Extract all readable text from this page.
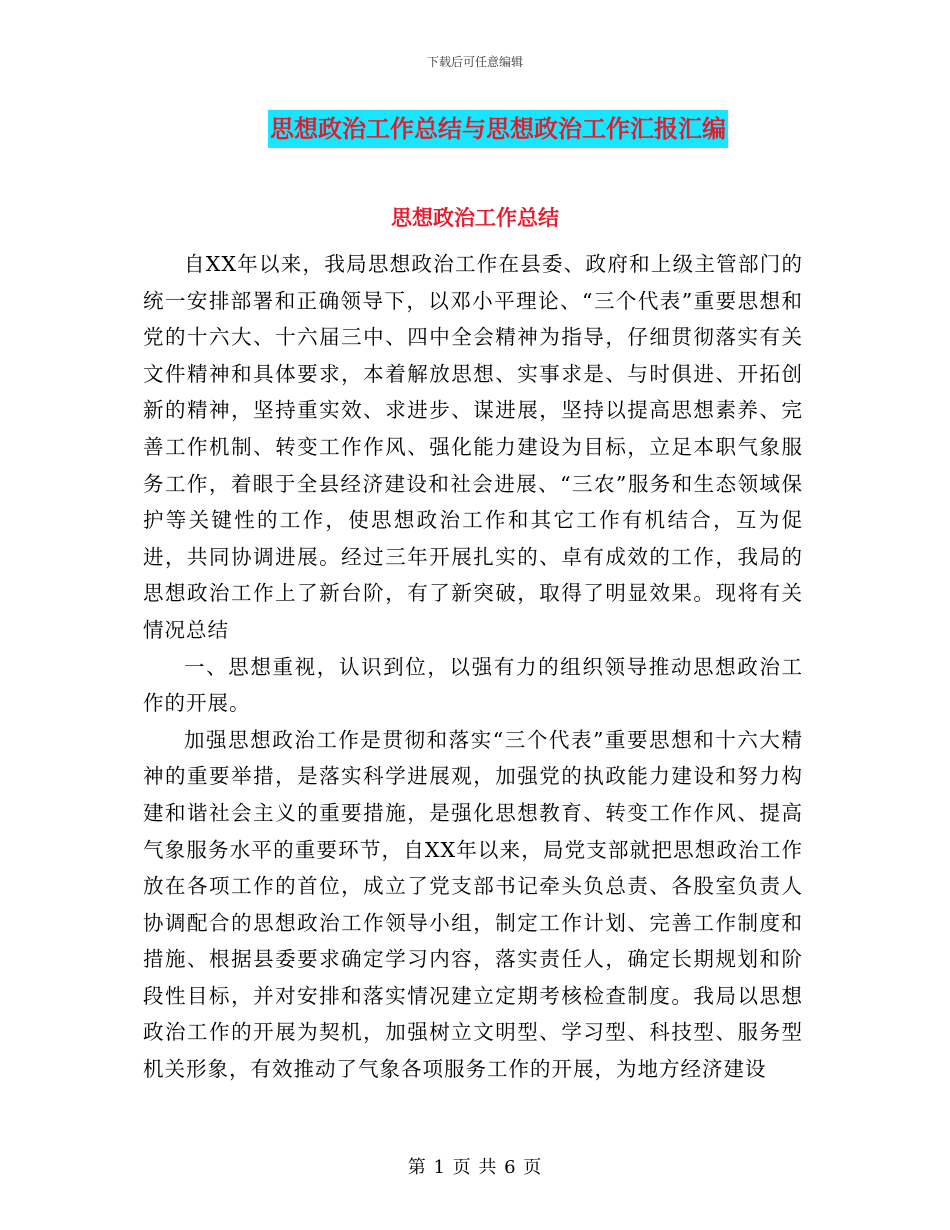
下载后可任意编辑
思想政治工作总结与思想政治工作汇报汇编
思想政治工作总结

自XX年以来，我局思想政治工作在县委、政府和上级主管部门的统一安排部署和正确领导下，以邓小平理论、“三个代表”重要思想和党的十六大、十六届三中、四中全会精神为指导，仔细贯彻落实有关文件精神和具体要求，本着解放思想、实事求是、与时俱进、开拓创新的精神，坚持重实效、求进步、谋进展，坚持以提高思想素养、完善工作机制、转变工作作风、强化能力建设为目标，立足本职气象服务工作，着眼于全县经济建设和社会进展、“三农”服务和生态领域保护等关键性的工作，使思想政治工作和其它工作有机结合，互为促进，共同协调进展。经过三年开展扎实的、卓有成效的工作，我局的思想政治工作上了新台阶，有了新突破，取得了明显效果。现将有关情况总结

一、思想重视，认识到位，以强有力的组织领导推动思想政治工作的开展。

加强思想政治工作是贯彻和落实“三个代表”重要思想和十六大精神的重要举措，是落实科学进展观，加强党的执政能力建设和努力构建和谐社会主义的重要措施，是强化思想教育、转变工作作风、提高气象服务水平的重要环节，自XX年以来，局党支部就把思想政治工作放在各项工作的首位，成立了党支部书记牵头负总责、各股室负责人协调配合的思想政治工作领导小组，制定工作计划、完善工作制度和措施、根据县委要求确定学习内容，落实责任人，确定长期规划和阶段性目标，并对安排和落实情况建立定期考核检查制度。我局以思想政治工作的开展为契机，加强树立文明型、学习型、科技型、服务型机关形象，有效推动了气象各项服务工作的开展，为地方经济建设

第 1 页 共 6 页
